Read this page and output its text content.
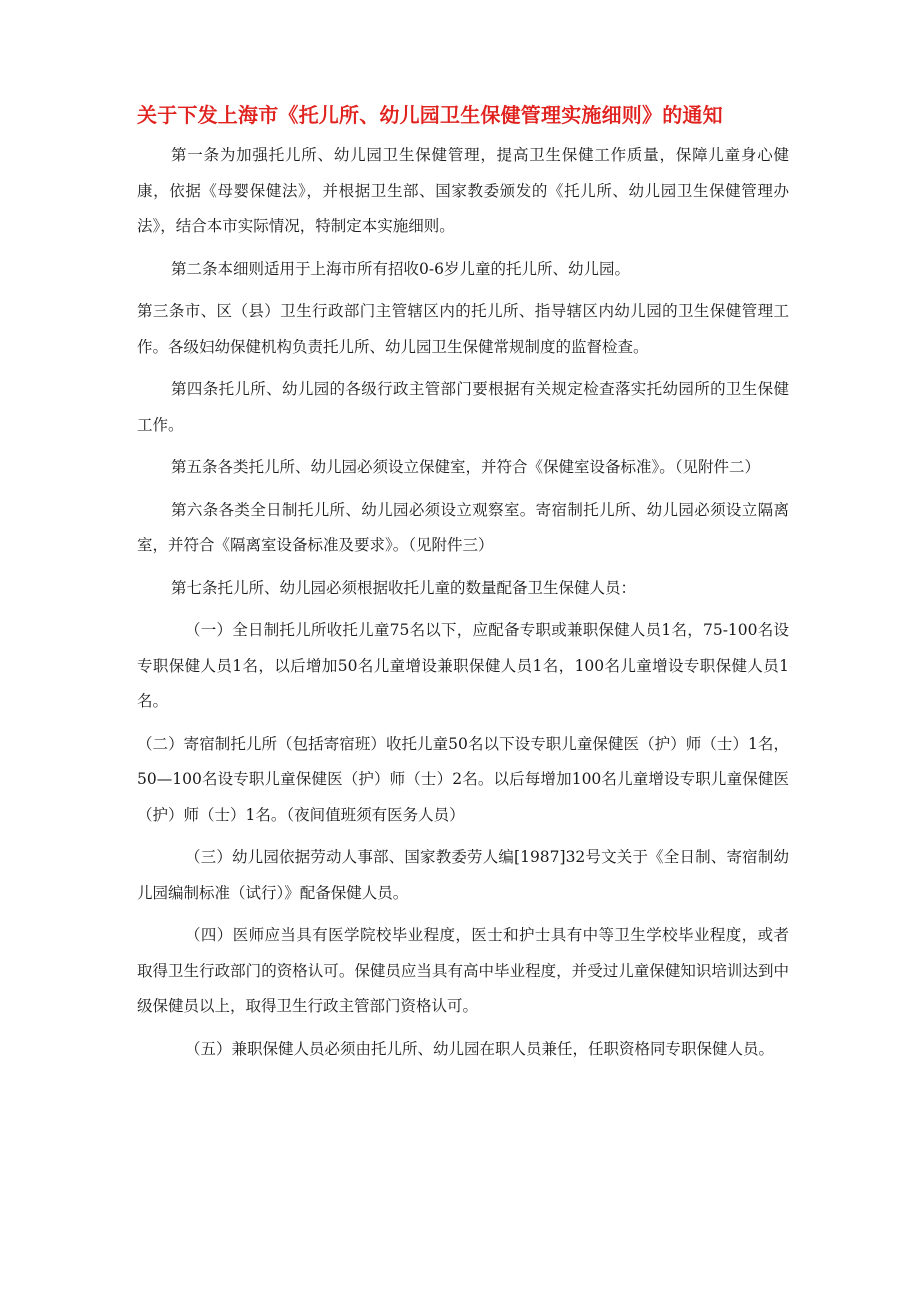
关于下发上海市《托儿所、幼儿园卫生保健管理实施细则》的通知

第一条为加强托儿所、幼儿园卫生保健管理，提高卫生保健工作质量，保障儿童身心健康，依据《母婴保健法》，并根据卫生部、国家教委颁发的《托儿所、幼儿园卫生保健管理办法》，结合本市实际情况，特制定本实施细则。

第二条本细则适用于上海市所有招收0-6岁儿童的托儿所、幼儿园。

第三条市、区（县）卫生行政部门主管辖区内的托儿所、指导辖区内幼儿园的卫生保健管理工作。各级妇幼保健机构负责托儿所、幼儿园卫生保健常规制度的监督检查。

第四条托儿所、幼儿园的各级行政主管部门要根据有关规定检查落实托幼园所的卫生保健工作。

第五条各类托儿所、幼儿园必须设立保健室，并符合《保健室设备标准》。（见附件二）

第六条各类全日制托儿所、幼儿园必须设立观察室。寄宿制托儿所、幼儿园必须设立隔离室，并符合《隔离室设备标准及要求》。（见附件三）

第七条托儿所、幼儿园必须根据收托儿童的数量配备卫生保健人员：

（一）全日制托儿所收托儿童75名以下，应配备专职或兼职保健人员1名，75-100名设专职保健人员1名，以后增加50名儿童增设兼职保健人员1名，100名儿童增设专职保健人员1名。

（二）寄宿制托儿所（包括寄宿班）收托儿童50名以下设专职儿童保健医（护）师（士）1名，50—100名设专职儿童保健医（护）师（士）2名。以后每增加100名儿童增设专职儿童保健医（护）师（士）1名。（夜间值班须有医务人员）

（三）幼儿园依据劳动人事部、国家教委劳人编[1987]32号文关于《全日制、寄宿制幼儿园编制标准（试行）》配备保健人员。

（四）医师应当具有医学院校毕业程度，医士和护士具有中等卫生学校毕业程度，或者取得卫生行政部门的资格认可。保健员应当具有高中毕业程度，并受过儿童保健知识培训达到中级保健员以上，取得卫生行政主管部门资格认可。

（五）兼职保健人员必须由托儿所、幼儿园在职人员兼任，任职资格同专职保健人员。
